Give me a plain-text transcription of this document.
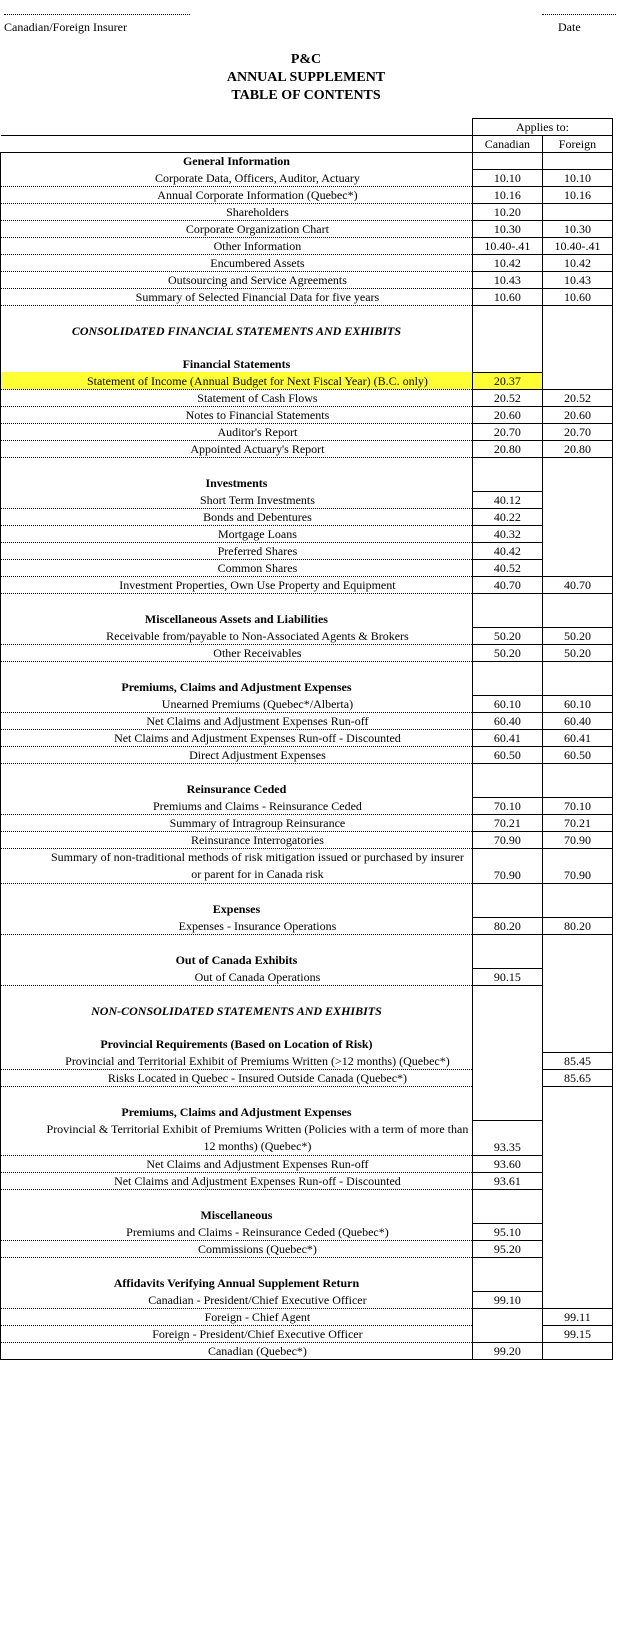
Canadian/Foreign Insurer	Date
P&C
ANNUAL SUPPLEMENT
TABLE OF CONTENTS
	Applies to:	
	Canadian	Foreign
General Information		
Corporate Data, Officers, Auditor, Actuary	10.10	10.10
Annual Corporate Information (Quebec*)	10.16	10.16
Shareholders	10.20	
Corporate Organization Chart	10.30	10.30
Other Information	10.40-.41	10.40-.41
Encumbered Assets	10.42	10.42
Outsourcing and Service Agreements	10.43	10.43
Summary of Selected Financial Data for five years	10.60	10.60

CONSOLIDATED FINANCIAL STATEMENTS AND EXHIBITS		

Financial Statements		
Statement of Income (Annual Budget for Next Fiscal Year) (B.C. only)	20.37	
Statement of Cash Flows	20.52	20.52
Notes to Financial Statements	20.60	20.60
Auditor's Report	20.70	20.70
Appointed Actuary's Report	20.80	20.80

Investments		
Short Term Investments	40.12	
Bonds and Debentures	40.22	
Mortgage Loans	40.32	
Preferred Shares	40.42	
Common Shares	40.52	
Investment Properties, Own Use Property and Equipment	40.70	40.70

Miscellaneous Assets and Liabilities		
Receivable from/payable to Non-Associated Agents & Brokers	50.20	50.20
Other Receivables	50.20	50.20

Premiums, Claims and Adjustment Expenses		
Unearned Premiums (Quebec*/Alberta)	60.10	60.10
Net Claims and Adjustment Expenses Run-off	60.40	60.40
Net Claims and Adjustment Expenses Run-off - Discounted	60.41	60.41
Direct Adjustment Expenses	60.50	60.50

Reinsurance Ceded		
Premiums and Claims - Reinsurance Ceded	70.10	70.10
Summary of Intragroup Reinsurance	70.21	70.21
Reinsurance Interrogatories	70.90	70.90
Summary of non-traditional methods of risk mitigation issued or purchased by insurer or parent for in Canada risk	70.90	70.90

Expenses		
Expenses - Insurance Operations	80.20	80.20

Out of Canada Exhibits		
Out of Canada Operations	90.15	

NON-CONSOLIDATED STATEMENTS AND EXHIBITS		

Provincial Requirements (Based on Location of Risk)		
Provincial and Territorial Exhibit of Premiums Written (>12 months) (Quebec*)		85.45
Risks Located in Quebec - Insured Outside Canada (Quebec*)		85.65

Premiums, Claims and Adjustment Expenses		
Provincial & Territorial Exhibit of Premiums Written (Policies with a term of more than 12 months) (Quebec*)	93.35	
Net Claims and Adjustment Expenses Run-off	93.60	
Net Claims and Adjustment Expenses Run-off - Discounted	93.61	

Miscellaneous		
Premiums and Claims - Reinsurance Ceded (Quebec*)	95.10	
Commissions (Quebec*)	95.20	

Affidavits Verifying Annual Supplement Return		
Canadian - President/Chief Executive Officer	99.10	
Foreign - Chief Agent		99.11
Foreign - President/Chief Executive Officer		99.15
Canadian (Quebec*)	99.20	
